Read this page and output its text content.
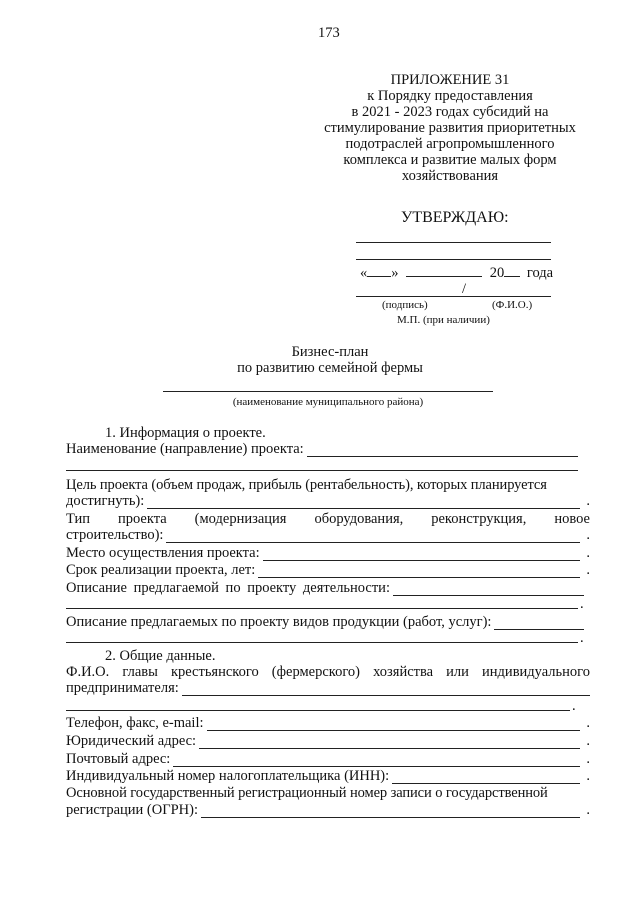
173
ПРИЛОЖЕНИЕ 31
к Порядку предоставления
в 2021 - 2023 годах субсидий на
стимулирование развития приоритетных
подотраслей агропромышленного
комплекса и развитие малых форм
хозяйствования
УТВЕРЖДАЮ:
« »	20 года
/
(подпись)	(Ф.И.О.)
М.П. (при наличии)
Бизнес-план
по развитию семейной фермы
(наименование муниципального района)
1. Информация о проекте.
Наименование (направление) проекта:
Цель проекта (объем продаж, прибыль (рентабельность), которых планируется
достигнуть):	.
Тип проекта (модернизация оборудования, реконструкция, новое
строительство):	.
Место осуществления проекта:	.
Срок реализации проекта, лет:	.
Описание предлагаемой по проекту деятельности:
.
Описание предлагаемых по проекту видов продукции (работ, услуг):
.
2. Общие данные.
Ф.И.О. главы крестьянского (фермерского) хозяйства или индивидуального
предпринимателя:
.
Телефон, факс, e-mail:	.
Юридический адрес:	.
Почтовый адрес:	.
Индивидуальный номер налогоплательщика (ИНН):	.
Основной государственный регистрационный номер записи о государственной
регистрации (ОГРН):	.
